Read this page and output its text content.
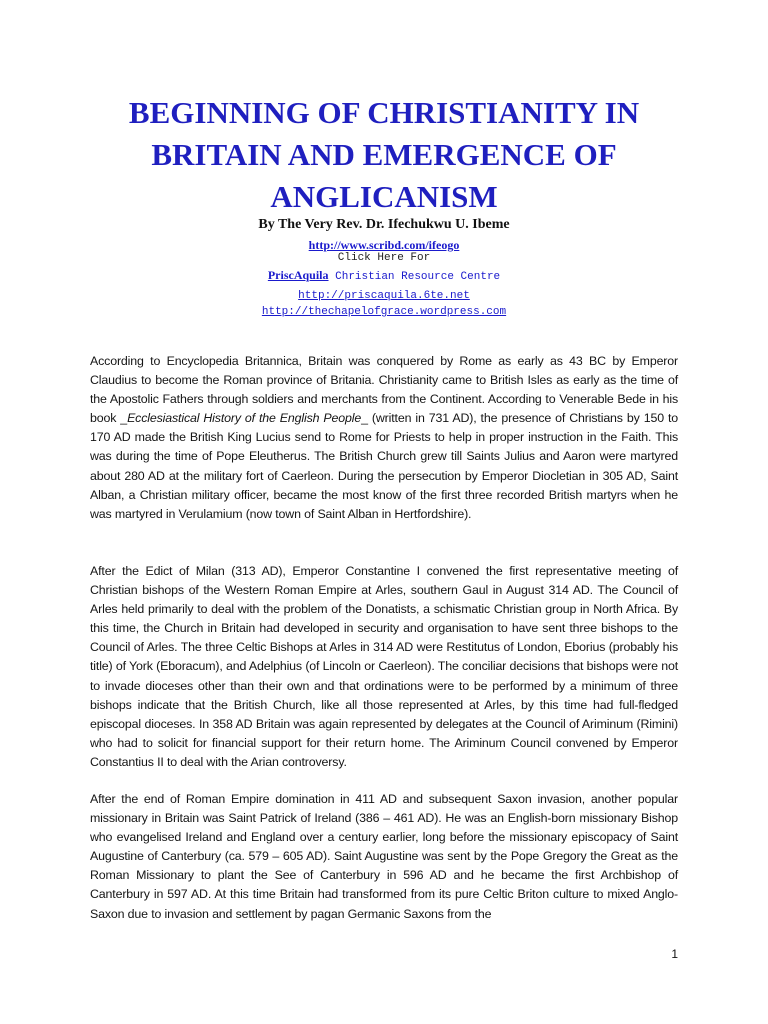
BEGINNING OF CHRISTIANITY IN
BRITAIN AND EMERGENCE OF
ANGLICANISM

By The Very Rev. Dr. Ifechukwu U. Ibeme

http://www.scribd.com/ifeogo
Click Here For
PriscAquila Christian Resource Centre
http://priscaquila.6te.net
http://thechapelofgrace.wordpress.com

According to Encyclopedia Britannica, Britain was conquered by Rome as early as 43 BC by Emperor Claudius to become the Roman province of Britania. Christianity came to British Isles as early as the time of the Apostolic Fathers through soldiers and merchants from the Continent. According to Venerable Bede in his book _Ecclesiastical History of the English People_ (written in 731 AD), the presence of Christians by 150 to 170 AD made the British King Lucius send to Rome for Priests to help in proper instruction in the Faith. This was during the time of Pope Eleutherus. The British Church grew till Saints Julius and Aaron were martyred about 280 AD at the military fort of Caerleon. During the persecution by Emperor Diocletian in 305 AD, Saint Alban, a Christian military officer, became the most know of the first three recorded British martyrs when he was martyred in Verulamium (now town of Saint Alban in Hertfordshire).

After the Edict of Milan (313 AD), Emperor Constantine I convened the first representative meeting of Christian bishops of the Western Roman Empire at Arles, southern Gaul in August 314 AD. The Council of Arles held primarily to deal with the problem of the Donatists, a schismatic Christian group in North Africa. By this time, the Church in Britain had developed in security and organisation to have sent three bishops to the Council of Arles. The three Celtic Bishops at Arles in 314 AD were Restitutus of London, Eborius (probably his title) of York (Eboracum), and Adelphius (of Lincoln or Caerleon). The conciliar decisions that bishops were not to invade dioceses other than their own and that ordinations were to be performed by a minimum of three bishops indicate that the British Church, like all those represented at Arles, by this time had full-fledged episcopal dioceses. In 358 AD Britain was again represented by delegates at the Council of Ariminum (Rimini) who had to solicit for financial support for their return home. The Ariminum Council convened by Emperor Constantius II to deal with the Arian controversy.

After the end of Roman Empire domination in 411 AD and subsequent Saxon invasion, another popular missionary in Britain was Saint Patrick of Ireland (386 – 461 AD). He was an English-born missionary Bishop who evangelised Ireland and England over a century earlier, long before the missionary episcopacy of Saint Augustine of Canterbury (ca. 579 – 605 AD). Saint Augustine was sent by the Pope Gregory the Great as the Roman Missionary to plant the See of Canterbury in 596 AD and he became the first Archbishop of Canterbury in 597 AD. At this time Britain had transformed from its pure Celtic Briton culture to mixed Anglo-Saxon due to invasion and settlement by pagan Germanic Saxons from the

1
